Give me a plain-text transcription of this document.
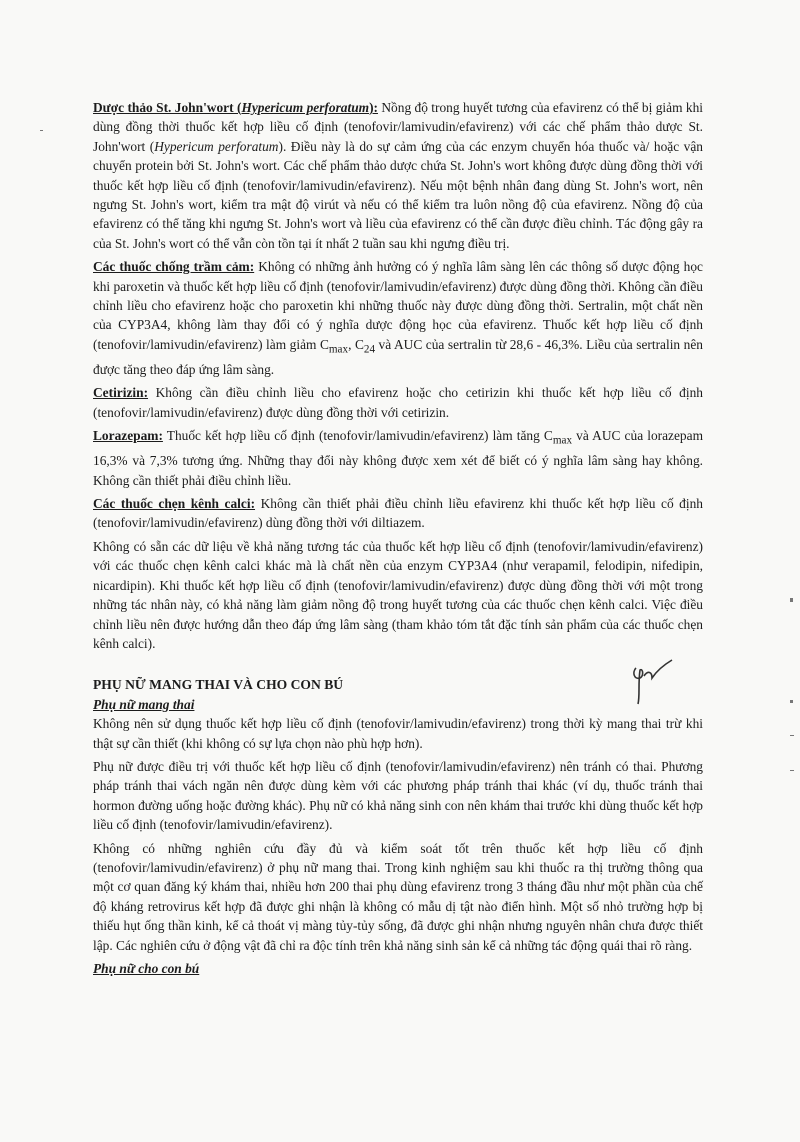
Dược thảo St. John'wort (Hypericum perforatum): Nồng độ trong huyết tương của efavirenz có thể bị giảm khi dùng đồng thời thuốc kết hợp liều cố định (tenofovir/lamivudin/efavirenz) với các chế phẩm thảo dược St. John'wort (Hypericum perforatum). Điều này là do sự cảm ứng của các enzym chuyển hóa thuốc và/ hoặc vận chuyển protein bởi St. John's wort. Các chế phẩm thảo dược chứa St. John's wort không được dùng đồng thời với thuốc kết hợp liều cố định (tenofovir/lamivudin/efavirenz). Nếu một bệnh nhân đang dùng St. John's wort, nên ngưng St. John's wort, kiểm tra mật độ virút và nếu có thể kiểm tra luôn nồng độ của efavirenz. Nồng độ của efavirenz có thể tăng khi ngưng St. John's wort và liều của efavirenz có thể cần được điều chỉnh. Tác động gây ra của St. John's wort có thể vẫn còn tồn tại ít nhất 2 tuần sau khi ngưng điều trị.

Các thuốc chống trầm cảm: Không có những ảnh hưởng có ý nghĩa lâm sàng lên các thông số dược động học khi paroxetin và thuốc kết hợp liều cố định (tenofovir/lamivudin/efavirenz) được dùng đồng thời. Không cần điều chỉnh liều cho efavirenz hoặc cho paroxetin khi những thuốc này được dùng đồng thời. Sertralin, một chất nền của CYP3A4, không làm thay đổi có ý nghĩa dược động học của efavirenz. Thuốc kết hợp liều cố định (tenofovir/lamivudin/efavirenz) làm giảm $C_{max}$, $C_{24}$ và AUC của sertralin từ 28,6 - 46,3%. Liều của sertralin nên được tăng theo đáp ứng lâm sàng.

Cetirizin: Không cần điều chỉnh liều cho efavirenz hoặc cho cetirizin khi thuốc kết hợp liều cố định (tenofovir/lamivudin/efavirenz) được dùng đồng thời với cetirizin.

Lorazepam: Thuốc kết hợp liều cố định (tenofovir/lamivudin/efavirenz) làm tăng $C_{max}$ và AUC của lorazepam 16,3% và 7,3% tương ứng. Những thay đổi này không được xem xét để biết có ý nghĩa lâm sàng hay không. Không cần thiết phải điều chỉnh liều.

Các thuốc chẹn kênh calci: Không cần thiết phải điều chỉnh liều efavirenz khi thuốc kết hợp liều cố định (tenofovir/lamivudin/efavirenz) dùng đồng thời với diltiazem.

Không có sẵn các dữ liệu về khả năng tương tác của thuốc kết hợp liều cố định (tenofovir/lamivudin/efavirenz) với các thuốc chẹn kênh calci khác mà là chất nền của enzym CYP3A4 (như verapamil, felodipin, nifedipin, nicardipin). Khi thuốc kết hợp liều cố định (tenofovir/lamivudin/efavirenz) được dùng đồng thời với một trong những tác nhân này, có khả năng làm giảm nồng độ trong huyết tương của các thuốc chẹn kênh calci. Việc điều chỉnh liều nên được hướng dẫn theo đáp ứng lâm sàng (tham khảo tóm tắt đặc tính sản phẩm của các thuốc chẹn kênh calci).

PHỤ NỮ MANG THAI VÀ CHO CON BÚ
Phụ nữ mang thai

Không nên sử dụng thuốc kết hợp liều cố định (tenofovir/lamivudin/efavirenz) trong thời kỳ mang thai trừ khi thật sự cần thiết (khi không có sự lựa chọn nào phù hợp hơn).

Phụ nữ được điều trị với thuốc kết hợp liều cố định (tenofovir/lamivudin/efavirenz) nên tránh có thai. Phương pháp tránh thai vách ngăn nên được dùng kèm với các phương pháp tránh thai khác (ví dụ, thuốc tránh thai hormon đường uống hoặc đường khác). Phụ nữ có khả năng sinh con nên khám thai trước khi dùng thuốc kết hợp liều cố định (tenofovir/lamivudin/efavirenz).

Không có những nghiên cứu đầy đủ và kiểm soát tốt trên thuốc kết hợp liều cố định (tenofovir/lamivudin/efavirenz) ở phụ nữ mang thai. Trong kinh nghiệm sau khi thuốc ra thị trường thông qua một cơ quan đăng ký khám thai, nhiều hơn 200 thai phụ dùng efavirenz trong 3 tháng đầu như một phần của chế độ kháng retrovirus kết hợp đã được ghi nhận là không có mẫu dị tật nào điển hình. Một số nhỏ trường hợp bị thiếu hụt ống thần kinh, kể cả thoát vị màng tủy-tủy sống, đã được ghi nhận nhưng nguyên nhân chưa được thiết lập. Các nghiên cứu ở động vật đã chỉ ra độc tính trên khả năng sinh sản kể cả những tác động quái thai rõ ràng.

Phụ nữ cho con bú
